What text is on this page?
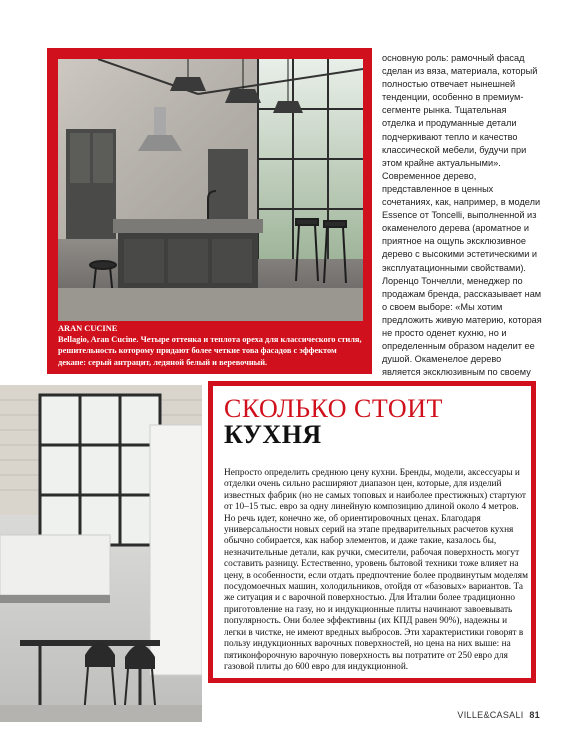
ARAN CUCINE
Bellagio, Aran Cucine. Четыре оттенка и теплота ореха для классического стиля, решительность которому придают более четкие това фасадов с эффектом декапе: серый антрацит, ледяной белый и веревочный.
основную роль: рамочный фасад сделан из вяза, материала, который полностью отвечает нынешней тенденции, особенно в премиум-сегменте рынка. Тщательная отделка и продуманные детали подчеркивают тепло и качество классической мебели, будучи при этом крайне актуальными». Современное дерево, представленное в ценных сочетаниях, как, например, в модели Essence от Toncelli, выполненной из окаменелого дерева (ароматное и приятное на ощупь эксклюзивное дерево с высокими эстетическими и эксплуатационными свойствами). Лоренцо Тончелли, менеджер по продажам бренда, рассказывает нам о своем выборе: «Мы хотим предложить живую материю, которая не просто оденет кухню, но и определенным образом наделит ее душой. Окаменелое дерево является эксклюзивным по своему
СКОЛЬКО СТОИТ
КУХНЯ
Непросто определить среднюю цену кухни. Бренды, модели, аксессуары и отделки очень сильно расширяют диапазон цен, которые, для изделий известных фабрик (но не самых топовых и наиболее престижных) стартуют от 10–15 тыс. евро за одну линейную композицию длиной около 4 метров. Но речь идет, конечно же, об ориентировочных ценах. Благодаря универсальности новых серий на этапе предварительных расчетов кухня обычно собирается, как набор элементов, и даже такие, казалось бы, незначительные детали, как ручки, смесители, рабочая поверхность могут составить разницу. Естественно, уровень бытовой техники тоже влияет на цену, в особенности, если отдать предпочтение более продвинутым моделям посудомоечных машин, холодильников, отойдя от «базовых» вариантов. Та же ситуация и с варочной поверхностью. Для Италии более традиционно приготовление на газу, но и индукционные плиты начинают завоевывать популярность. Они более эффективны (их КПД равен 90%), надежны и легки в чистке, не имеют вредных выбросов. Эти характеристики говорят в пользу индукционных варочных поверхностей, но цена на них выше: на пятиконфорочную варочную поверхность вы потратите от 250 евро для газовой плиты до 600 евро для индукционной.
VILLE&CASALI 81
